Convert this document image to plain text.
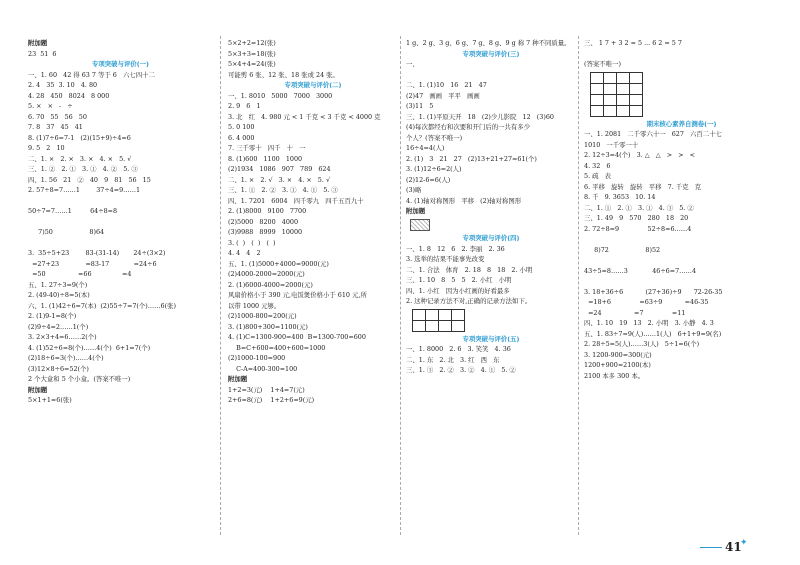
附加题
23  51  6
专项突破与评价(一)
一、1. 60   42 得 63 7 等于 6   六七四十二
2. 4   35  3. 10   4. 80
4. 28   450   8024   8 000
5. ×   ×   -   ÷
6. 70   55   56   50
7. 8   37   45   41
8. (1)7÷6=7-1   (2)(15+9)÷4=6
9. 5   2   10
二、1. ×   2. ×   3. ×   4. ×   5. √
三、1. ②   2. ①   3. ①   4. ②   5. ③
四、1. 56   21   ②   40   9   81   56   15
2. 57÷8=7……1        37÷4=9……1
50÷7=7……1         64÷8=8
7)50                  8)64
3.  35÷5+23        83-(31-14)       24÷(3×2)
=27+23             =83-17            =24÷6
=50                =66               =4
五、1. 27÷3=9(个)
2. (49-40)÷8=5(本)
六、1. (1)42÷6=7(本)  (2)55÷7=7(个)……6(张)
2. (1)9-1=8(个)
(2)9÷4=2……1(个)
3. 2×3+4=6……2(个)
4. (1)52÷6=8(个)……4(个)  6+1=7(个)
(2)18÷6=3(个)……4(个)
(3)12×8÷6=52(个)
2 个大盒和 5 个小盒。(答案不唯一)
附加题
5×1+1=6(张)
5×2+2=12(张)
5×3+3=18(张)
5×4+4=24(张)
可能剪 6 张、12 张、18 张或 24 张。
专项突破与评价(二)
一、1. 8010   5000   7000   3000
2. 9   6   1
3. 北   红   4. 980 元 < 1 千克 < 3 千克 < 4000 克
5. 0 100
6. 4 000
7. 三千零十   四千   十   一
8. (1)600   1100   1000
(2)1934   1086   907   789   624
二、1. ×   2. √   3. ×   4. ×   5. √
三、1. ①   2. ②   3. ①   4. ①   5. ③
四、1. 7201   6004   四千零九   四千五百九十
2. (1)8000   9100   7700
(2)5000   8200   4000
(3)9988   8999   10000
3. (  )   (  )   (  )
4. 4   4   2
五、1. (1)5000+4000=9000(元)
(2)4000-2000=2000(元)
2. (1)6000-4000=2000(元)
风扇价格小于 390 元,电饭煲价格小于 610 元,所
以带 1000 元够。
(2)1000-800=200(元)
3. (1)800+300=1100(元)
4. (1)C=1300-900=400  B=1300-700=600
B=C+600=400+600=1000
(2)1000-100=900
C-A=400-300=100
附加题
1+2=3(元)    1+4=7(元)
2+6=8(元)    1+2+6=9(元)
1 g、2 g、3 g、6 g、7 g、8 g、9 g 称 7 种不同质量。
专项突破与评价(三)
一、
二、1. (1)10   16   21   47
(2)47   画画   平平   画画
(3)11   5
三、1. (1)平原天开   18   (2)少儿影院   12   (3)60
(4)每次都经右和次要和开门后的一共有多少
个人？(答案不唯一)
16÷4=4(人)
2. (1)   3   21   27   (2)13+21+27=61(个)
3. (1)12÷6=2(人)
(2)12-6=6(人)
(3)略
4. (1)轴对称图形   平移   (2)轴对称图形
附加题
专项突破与评价(四)
一、1. 8   12   6   2. 李丽   2. 36
3. 选举的结果不能事先改变
二、1. 合法   体育   2. 18   8   18   2. 小明
三、1. 10   8   5   5   2. 小红   小明
四、1. 小红   因为小红画的好看最多
2. 这种记录方法不对,正确的记录方法如下。

专项突破与评价(五)
一、1. 8000   2. 6   3. 笑笑   4. 36
二、1. 东   2. 北   3. 红   西   东
三、1. ③   2. ②   3. ②   4. ①   5. ②
三、 1 7 + 3 2 = 5 ... 6 2 = 5 7
(答案不唯一)

期末核心素养自测卷(一)
一、1. 2081   二千零六十一   627   六百二十七
1010   一千零一十
2. 12÷3=4(个)   3. △   △   >   >   <
4. 32   6
5. 疏   表
6. 平移   旋转   旋转   平移   7. 千克   克
8. 千   9. 3653   10. 14
二、1. ①   2. ①   3. ①   4. ③   5. ②
三、1. 49   9   570   280   18   20
2. 72÷8=9              52÷8=6……4
8)72                  8)52
43÷5=8……3            46÷6=7……4
3. 18+36÷6           (27+36)÷9      72-26-35
=18+6              =63÷9           =46-35
=24                =7              =11
四、1. 10   19   13   2. 小明   3. 小静   4. 3
五、1. 83÷7=9(人)……1(人)   6+1+9=9(名)
2. 28÷5=5(人)……3(人)   5÷1=6(个)
3. 1200-900=300(元)
1200+900=2100(本)
2100 本多 300 本。
41
✦
